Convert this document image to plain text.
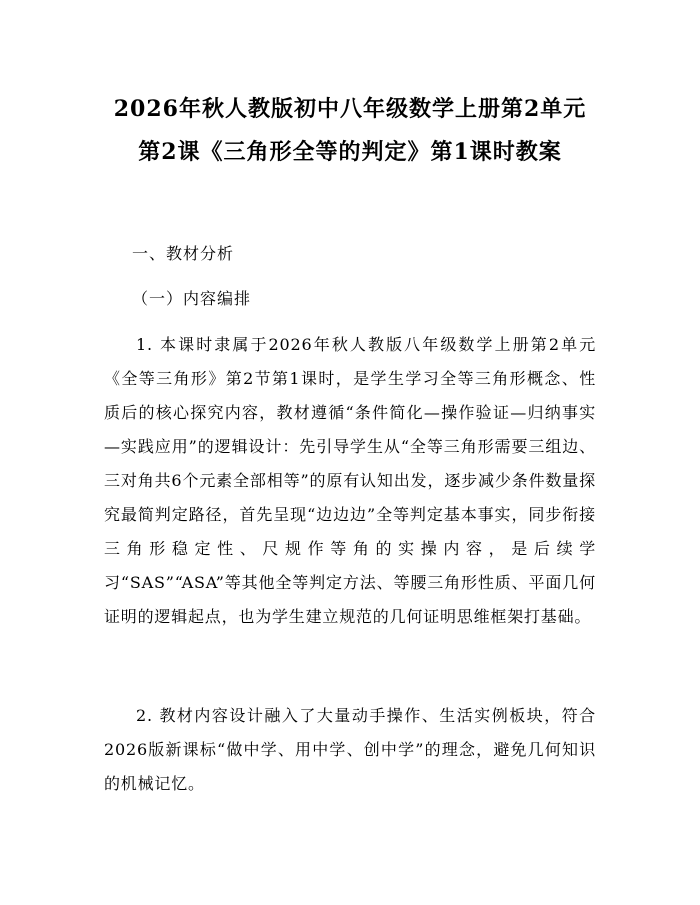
2026年秋人教版初中八年级数学上册第2单元第2课《三角形全等的判定》第1课时教案

一、教材分析

（一）内容编排

1. 本课时隶属于2026年秋人教版八年级数学上册第2单元《全等三角形》第2节第1课时，是学生学习全等三角形概念、性质后的核心探究内容，教材遵循“条件简化—操作验证—归纳事实—实践应用”的逻辑设计：先引导学生从“全等三角形需要三组边、三对角共6个元素全部相等”的原有认知出发，逐步减少条件数量探究最简判定路径，首先呈现“边边边”全等判定基本事实，同步衔接三角形稳定性、尺规作等角的实操内容，是后续学习“SAS”“ASA”等其他全等判定方法、等腰三角形性质、平面几何证明的逻辑起点，也为学生建立规范的几何证明思维框架打基础。

2. 教材内容设计融入了大量动手操作、生活实例板块，符合2026版新课标“做中学、用中学、创中学”的理念，避免几何知识的机械记忆。
